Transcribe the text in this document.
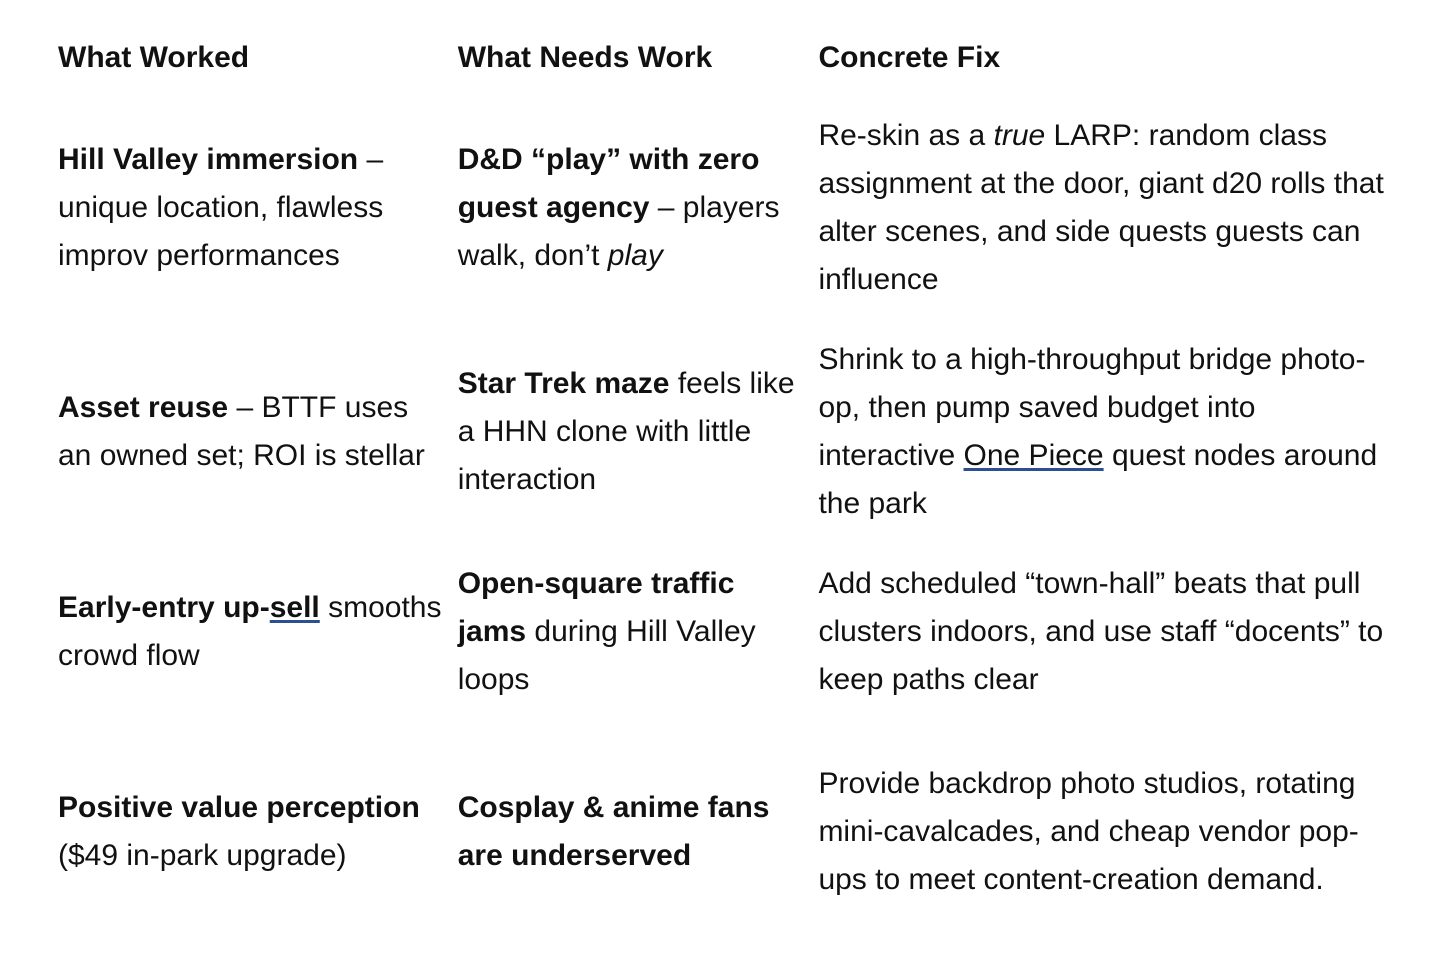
What Worked	What Needs Work	Concrete Fix
Hill Valley immersion – unique location, flawless improv performances
D&D “play” with zero guest agency – players walk, don’t play
Re-skin as a true LARP: random class assignment at the door, giant d20 rolls that alter scenes, and side quests guests can influence
Asset reuse – BTTF uses an owned set; ROI is stellar
Star Trek maze feels like a HHN clone with little interaction
Shrink to a high-throughput bridge photo-op, then pump saved budget into interactive One Piece quest nodes around the park
Early-entry up-sell smooths crowd flow
Open-square traffic jams during Hill Valley loops
Add scheduled “town-hall” beats that pull clusters indoors, and use staff “docents” to keep paths clear
Positive value perception ($49 in-park upgrade)
Cosplay & anime fans are underserved
Provide backdrop photo studios, rotating mini-cavalcades, and cheap vendor pop-ups to meet content-creation demand.
